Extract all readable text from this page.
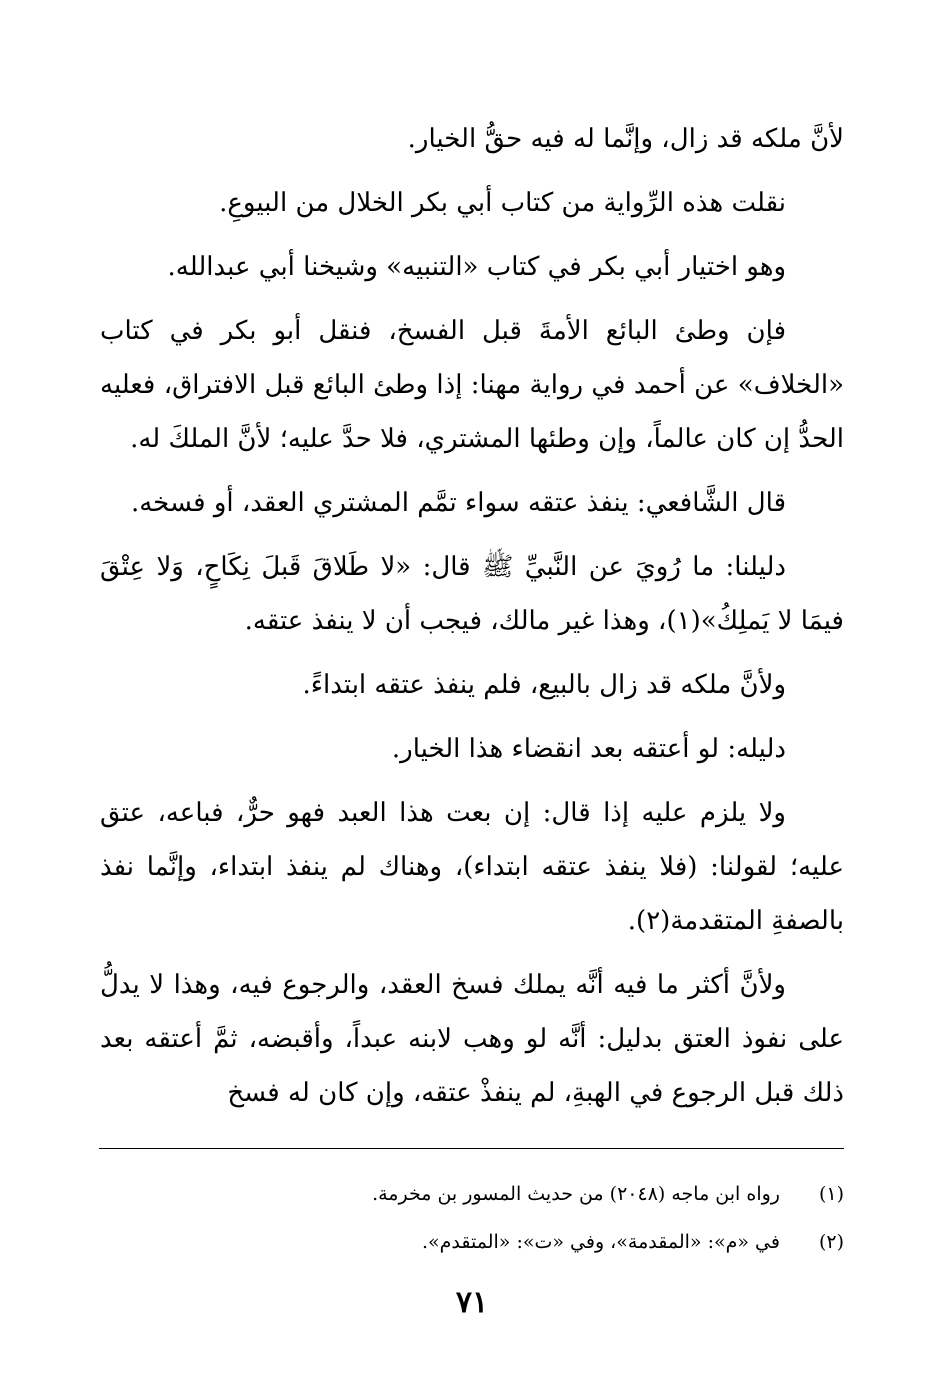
لأنَّ ملكه قد زال، وإنَّما له فيه حقُّ الخيار.

نقلت هذه الرِّواية من كتاب أبي بكر الخلال من البيوعِ.

وهو اختيار أبي بكر في كتاب «التنبيه» وشيخنا أبي عبدالله.

فإن وطئ البائع الأمةَ قبل الفسخ، فنقل أبو بكر في كتاب «الخلاف» عن أحمد في رواية مهنا: إذا وطئ البائع قبل الافتراق، فعليه الحدُّ إن كان عالماً، وإن وطئها المشتري، فلا حدَّ عليه؛ لأنَّ الملكَ له.

قال الشَّافعي: ينفذ عتقه سواء تمَّم المشتري العقد، أو فسخه.

دليلنا: ما رُويَ عن النَّبيِّ ﷺ قال: «لا طَلاقَ قَبلَ نِكَاحٍ، وَلا عِتْقَ فيمَا لا يَملِكُ»(١)، وهذا غير مالك، فيجب أن لا ينفذ عتقه.

ولأنَّ ملكه قد زال بالبيع، فلم ينفذ عتقه ابتداءً.

دليله: لو أعتقه بعد انقضاء هذا الخيار.

ولا يلزم عليه إذا قال: إن بعت هذا العبد فهو حرٌّ، فباعه، عتق عليه؛ لقولنا: (فلا ينفذ عتقه ابتداء)، وهناك لم ينفذ ابتداء، وإنَّما نفذ بالصفةِ المتقدمة(٢).

ولأنَّ أكثر ما فيه أنَّه يملك فسخ العقد، والرجوع فيه، وهذا لا يدلُّ على نفوذ العتق بدليل: أنَّه لو وهب لابنه عبداً، وأقبضه، ثمَّ أعتقه بعد ذلك قبل الرجوع في الهبةِ، لم ينفذْ عتقه، وإن كان له فسخ

(١) رواه ابن ماجه (٢٠٤٨) من حديث المسور بن مخرمة.

(٢) في «م»: «المقدمة»، وفي «ت»: «المتقدم».

٧١
